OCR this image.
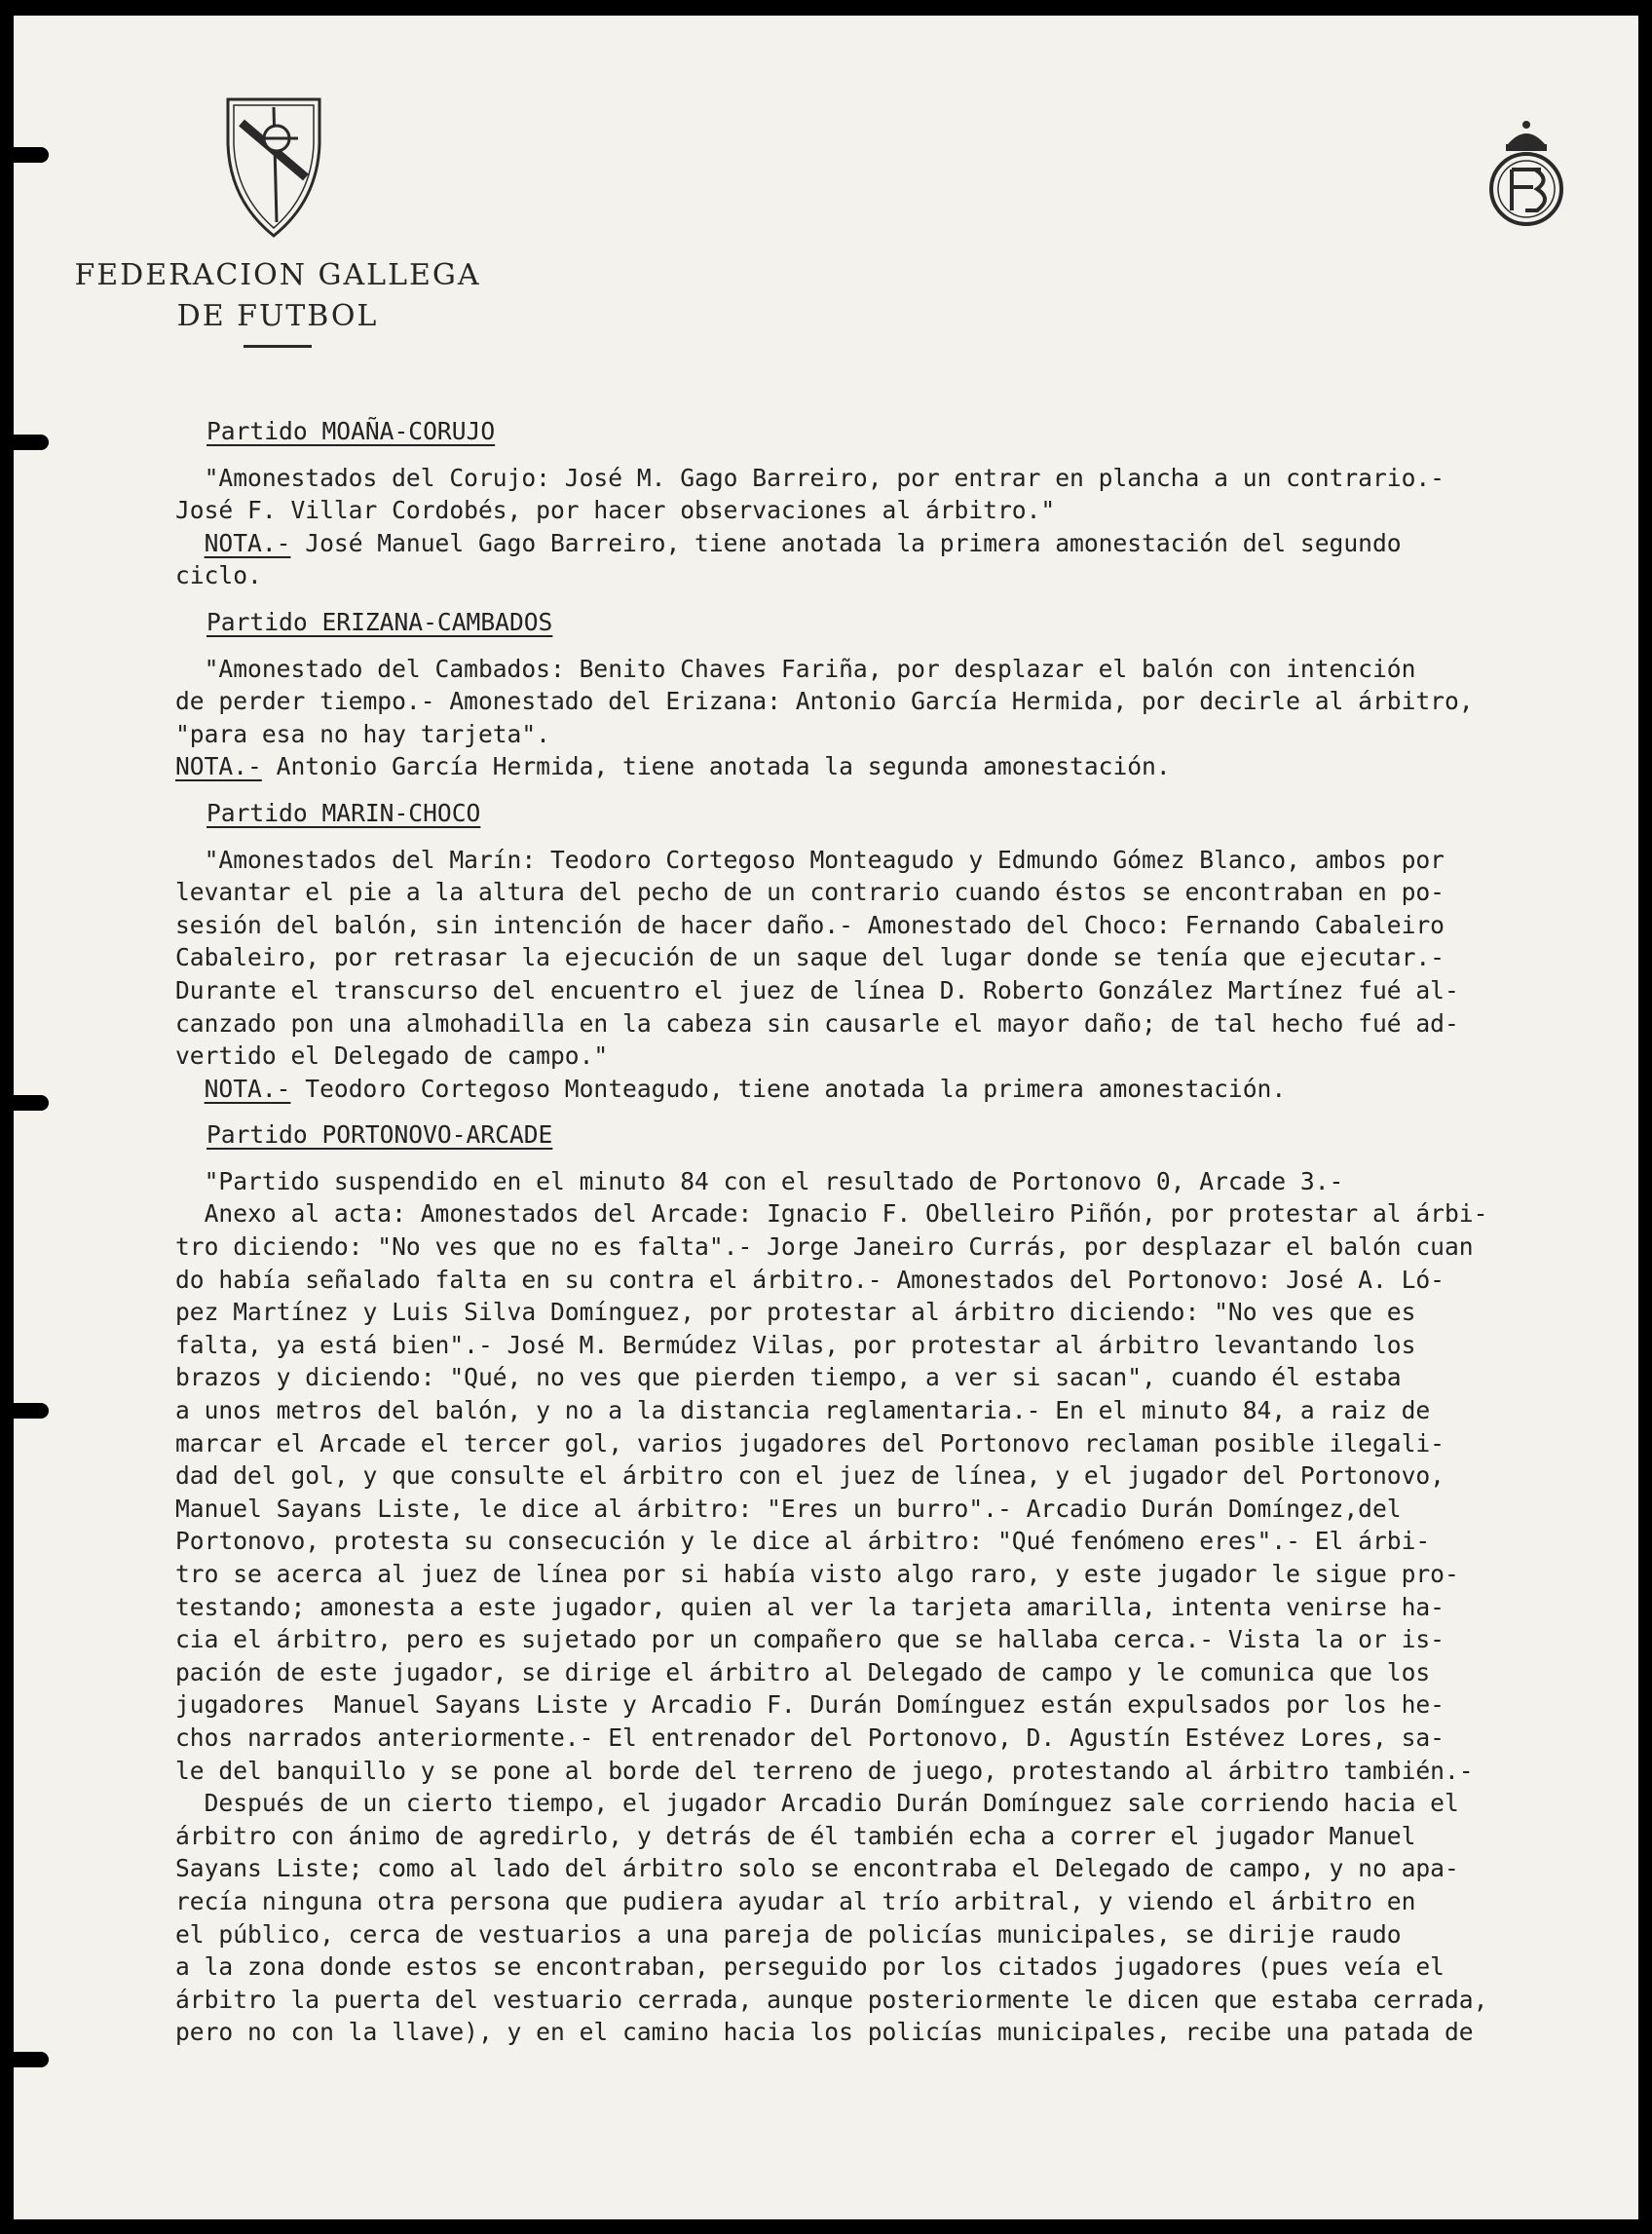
FEDERACION GALLEGA
DE FUTBOL
Partido MOAÑA-CORUJO
"Amonestados del Corujo: José M. Gago Barreiro, por entrar en plancha a un contrario.-
José F. Villar Cordobés, por hacer observaciones al árbitro."
NOTA.- José Manuel Gago Barreiro, tiene anotada la primera amonestación del segundo
ciclo.
Partido ERIZANA-CAMBADOS
"Amonestado del Cambados: Benito Chaves Fariña, por desplazar el balón con intención
de perder tiempo.- Amonestado del Erizana: Antonio García Hermida, por decirle al árbitro,
"para esa no hay tarjeta".
NOTA.- Antonio García Hermida, tiene anotada la segunda amonestación.
Partido MARIN-CHOCO
"Amonestados del Marín: Teodoro Cortegoso Monteagudo y Edmundo Gómez Blanco, ambos por
levantar el pie a la altura del pecho de un contrario cuando éstos se encontraban en po-
sesión del balón, sin intención de hacer daño.- Amonestado del Choco: Fernando Cabaleiro
Cabaleiro, por retrasar la ejecución de un saque del lugar donde se tenía que ejecutar.-
Durante el transcurso del encuentro el juez de línea D. Roberto González Martínez fué al-
canzado pon una almohadilla en la cabeza sin causarle el mayor daño; de tal hecho fué ad-
vertido el Delegado de campo."
NOTA.- Teodoro Cortegoso Monteagudo, tiene anotada la primera amonestación.
Partido PORTONOVO-ARCADE
"Partido suspendido en el minuto 84 con el resultado de Portonovo 0, Arcade 3.-
Anexo al acta: Amonestados del Arcade: Ignacio F. Obelleiro Piñón, por protestar al árbi-
tro diciendo: "No ves que no es falta".- Jorge Janeiro Currás, por desplazar el balón cuan
do había señalado falta en su contra el árbitro.- Amonestados del Portonovo: José A. Ló-
pez Martínez y Luis Silva Domínguez, por protestar al árbitro diciendo: "No ves que es
falta, ya está bien".- José M. Bermúdez Vilas, por protestar al árbitro levantando los
brazos y diciendo: "Qué, no ves que pierden tiempo, a ver si sacan", cuando él estaba
a unos metros del balón, y no a la distancia reglamentaria.- En el minuto 84, a raiz de
marcar el Arcade el tercer gol, varios jugadores del Portonovo reclaman posible ilegali-
dad del gol, y que consulte el árbitro con el juez de línea, y el jugador del Portonovo,
Manuel Sayans Liste, le dice al árbitro: "Eres un burro".- Arcadio Durán Domíngez,del
Portonovo, protesta su consecución y le dice al árbitro: "Qué fenómeno eres".- El árbi-
tro se acerca al juez de línea por si había visto algo raro, y este jugador le sigue pro-
testando; amonesta a este jugador, quien al ver la tarjeta amarilla, intenta venirse ha-
cia el árbitro, pero es sujetado por un compañero que se hallaba cerca.- Vista la or is-
pación de este jugador, se dirige el árbitro al Delegado de campo y le comunica que los
jugadores  Manuel Sayans Liste y Arcadio F. Durán Domínguez están expulsados por los he-
chos narrados anteriormente.- El entrenador del Portonovo, D. Agustín Estévez Lores, sa-
le del banquillo y se pone al borde del terreno de juego, protestando al árbitro también.-
Después de un cierto tiempo, el jugador Arcadio Durán Domínguez sale corriendo hacia el
árbitro con ánimo de agredirlo, y detrás de él también echa a correr el jugador Manuel
Sayans Liste; como al lado del árbitro solo se encontraba el Delegado de campo, y no apa-
recía ninguna otra persona que pudiera ayudar al trío arbitral, y viendo el árbitro en
el público, cerca de vestuarios a una pareja de policías municipales, se dirije raudo
a la zona donde estos se encontraban, perseguido por los citados jugadores (pues veía el
árbitro la puerta del vestuario cerrada, aunque posteriormente le dicen que estaba cerrada,
pero no con la llave), y en el camino hacia los policías municipales, recibe una patada de
